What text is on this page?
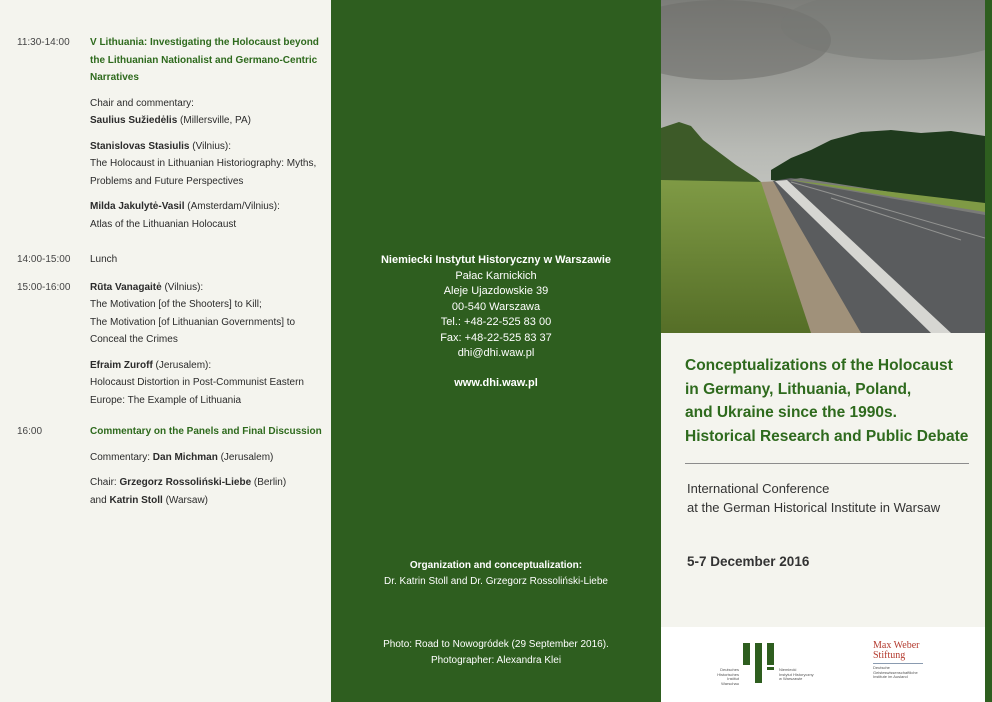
11:30-14:00	V Lithuania: Investigating the Holocaust beyond the Lithuanian Nationalist and Germano-Centric Narratives
Chair and commentary:
Saulius Sužiedėlis (Millersville, PA)
Stanislovas Stasiulis (Vilnius):
The Holocaust in Lithuanian Historiography: Myths, Problems and Future Perspectives
Milda Jakulytė-Vasil (Amsterdam/Vilnius):
Atlas of the Lithuanian Holocaust
14:00-15:00	Lunch
15:00-16:00	Rūta Vanagaitė (Vilnius):
The Motivation [of the Shooters] to Kill;
The Motivation [of Lithuanian Governments] to Conceal the Crimes
Efraim Zuroff (Jerusalem):
Holocaust Distortion in Post-Communist Eastern Europe: The Example of Lithuania
16:00	Commentary on the Panels and Final Discussion
Commentary: Dan Michman (Jerusalem)
Chair: Grzegorz Rossoliński-Liebe (Berlin)
and Katrin Stoll (Warsaw)
Niemiecki Instytut Historyczny w Warszawie
Pałac Karnickich
Aleje Ujazdowskie 39
00-540 Warszawa
Tel.: +48-22-525 83 00
Fax: +48-22-525 83 37
dhi@dhi.waw.pl
www.dhi.waw.pl
Organization and conceptualization:
Dr. Katrin Stoll and Dr. Grzegorz Rossoliński-Liebe
Photo: Road to Nowogródek (29 September 2016).
Photographer: Alexandra Klei
Conceptualizations of the Holocaust
in Germany, Lithuania, Poland,
and Ukraine since the 1990s.
Historical Research and Public Debate
International Conference
at the German Historical Institute in Warsaw
5-7 December 2016
Deutsches
Historisches Institut
Warschau
Niemiecki
Instytut Historyczny
w Warszawie
Max Weber
Stiftung
Deutsche
Geisteswissenschaftliche
Institute im Ausland
